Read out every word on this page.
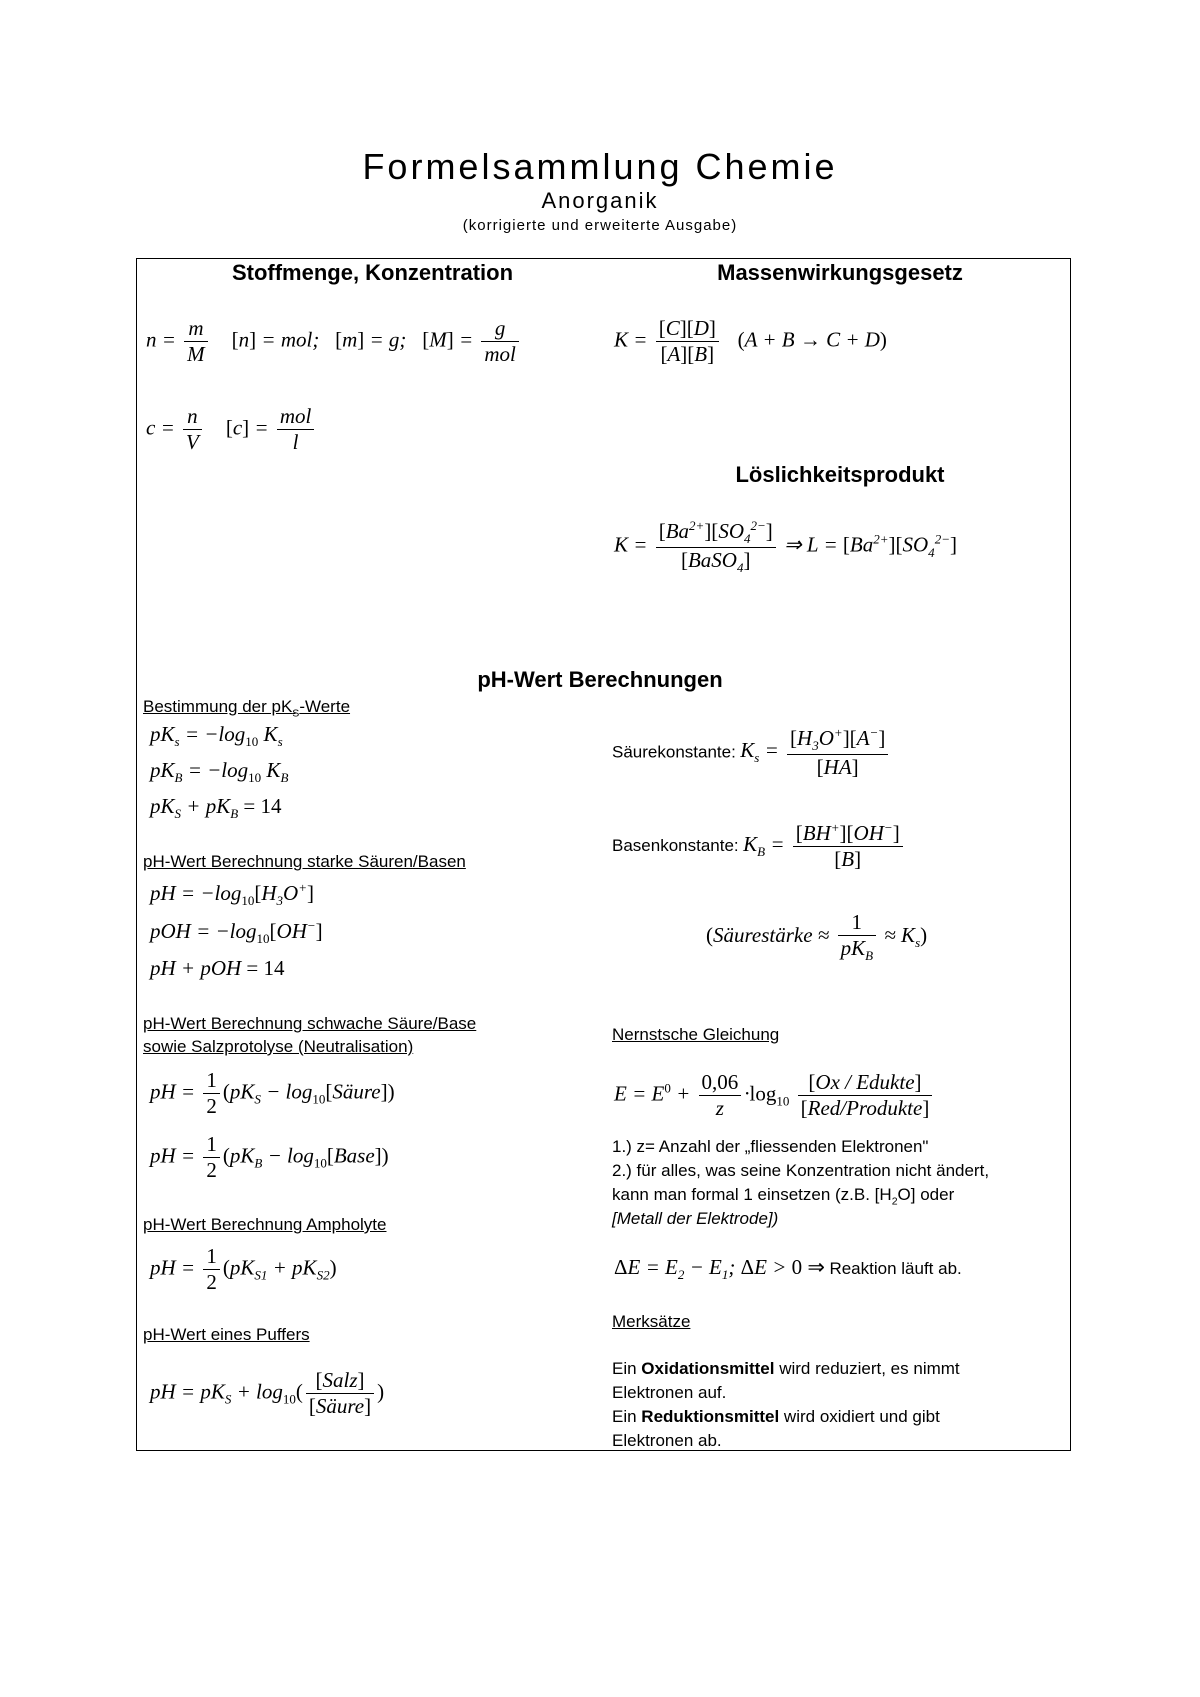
Formelsammlung Chemie
Anorganik
(korrigierte und erweiterte Ausgabe)
Stoffmenge, Konzentration	Massenwirkungsgesetz
Löslichkeitsprodukt
pH-Wert Berechnungen
$n = \frac{m}{M} [n]$ = mol;   [m] = g;   $[M] = \frac{g}{\text{mol}}$
$c = \frac{n}{V} [c] = \frac{\text{mol}}{l}$
$K = \frac{[C][D]}{[A][B]} (A + B \to C + D)$
$K = \frac{[Ba^{2+}][SO_4^{2-}]}{[BaSO_4]}$ ⇒ $L = [Ba^{2+}][SO_4^{2-}]$
Bestimmung der $pK_S$-Werte
$pK_s = -\log_{10}$ $K_s$
$pK_B = -\log_{10}$ $K_B$
$pK_S + pK_B = 14$
pH-Wert Berechnung starke Säuren/Basen
pH = $-\log_{10}[H_3O^+]$
pOH = $-\log_{10}[OH^-]$
pH + pOH = 14
pH-Wert Berechnung schwache Säure/Base
sowie Salzprotolyse (Neutralisation)
pH = $\frac{1}{2} (pK_S$ − $\log_{10}[Säure]$)
pH = $\frac{1}{2} (pK_B$ − $\log_{10}[Base]$)
pH-Wert Berechnung Ampholyte
pH = $\frac{1}{2} (pK_{S1} + pK_{S2})$
pH-Wert eines Puffers
pH = $pK_S + \log_{10}( \frac{\text{[Salz]}}{\text{[Säure]}}$ )
Säurekonstante: $K_s = \frac{[H_3O^+][A^-]}{[HA]}$
Basenkonstante: $K_B = \frac{[BH^+][OH^-]}{[B]}$
(Säurestärke ≈ $\frac{1}{pK_B} \approx K_s$)
Nernstsche Gleichung
$E = E^0 + \frac{0,06}{z} \cdot\log_{10} \frac{\text{[Ox / Edukte]}}{\text{[Red/Produkte]}}$
1.) z= Anzahl der „fliessenden Elektronen"
2.) für alles, was seine Konzentration nicht ändert,
kann man formal 1 einsetzen (z.B. $[H_2O]$ oder
[Metall der Elektrode])
$\Delta E = E_2 - E_1$; ΔE > 0 ⇒ Reaktion läuft ab.
Merksätze
Ein Oxidationsmittel wird reduziert, es nimmt
Elektronen auf.
Ein Reduktionsmittel wird oxidiert und gibt
Elektronen ab.
